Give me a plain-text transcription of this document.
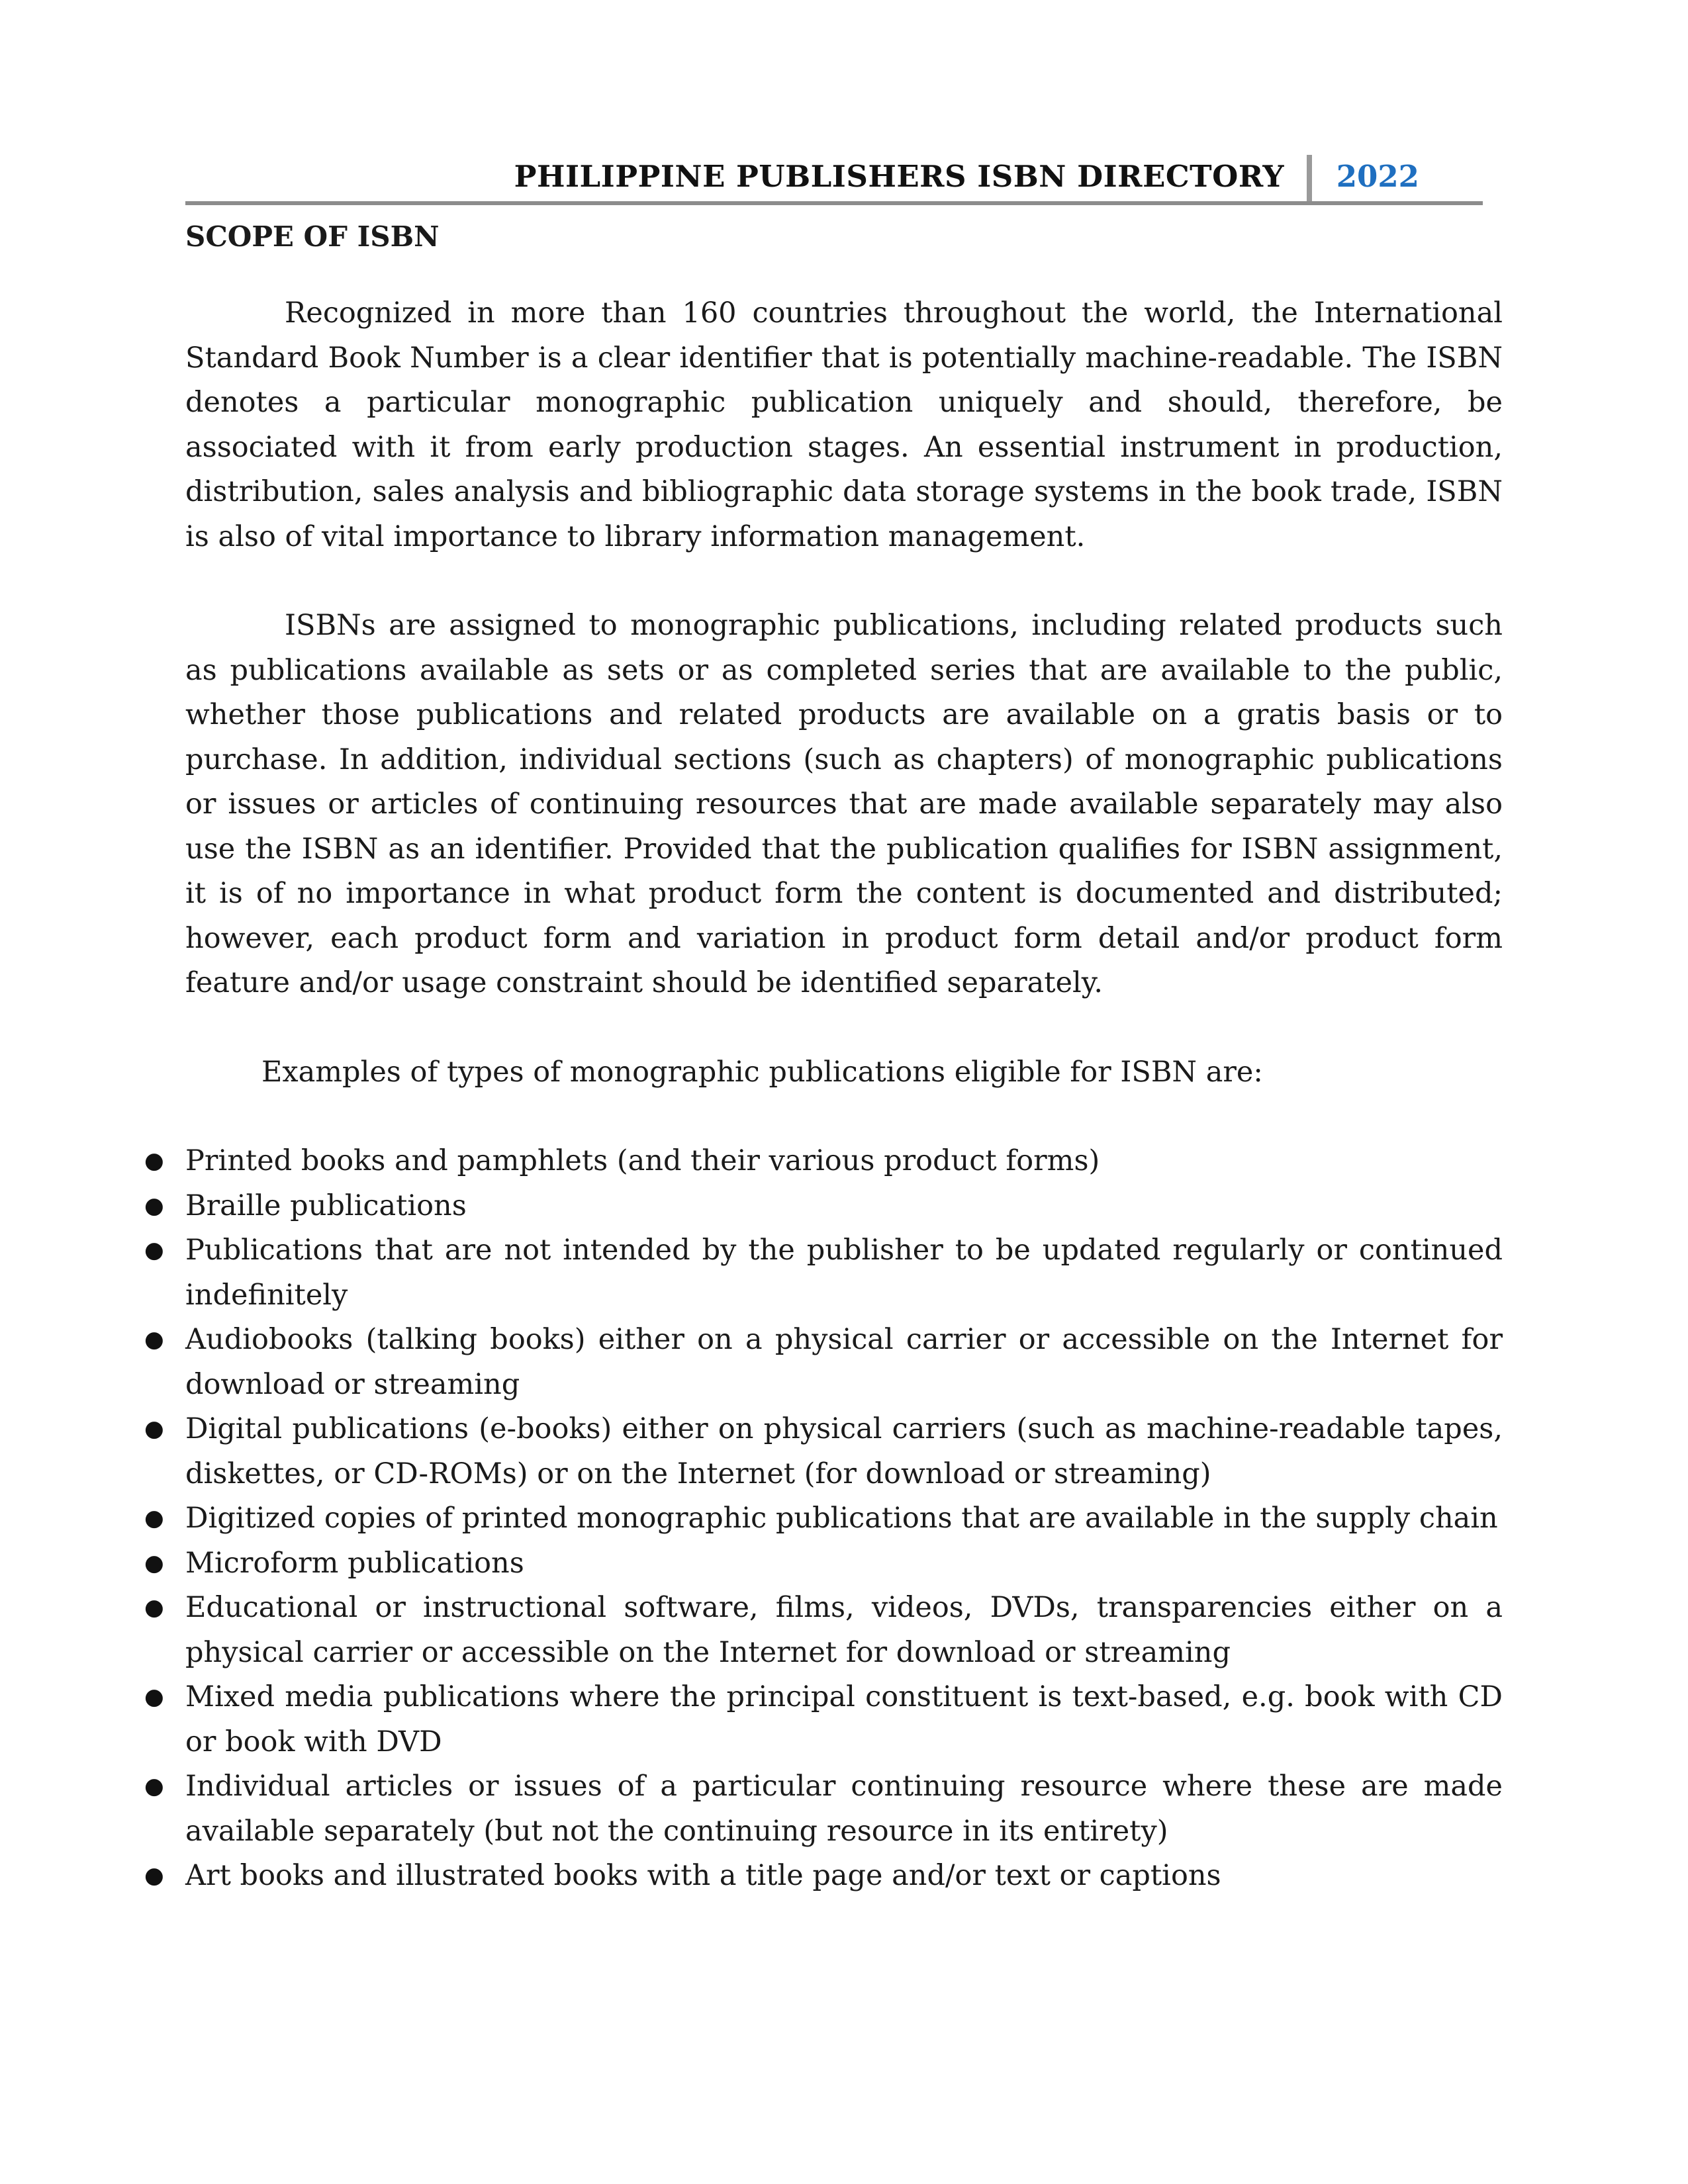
PHILIPPINE PUBLISHERS ISBN DIRECTORY 2022
SCOPE OF ISBN

Recognized in more than 160 countries throughout the world, the International Standard Book Number is a clear identifier that is potentially machine-readable. The ISBN denotes a particular monographic publication uniquely and should, therefore, be associated with it from early production stages. An essential instrument in production, distribution, sales analysis and bibliographic data storage systems in the book trade, ISBN is also of vital importance to library information management.

ISBNs are assigned to monographic publications, including related products such as publications available as sets or as completed series that are available to the public, whether those publications and related products are available on a gratis basis or to purchase. In addition, individual sections (such as chapters) of monographic publications or issues or articles of continuing resources that are made available separately may also use the ISBN as an identifier. Provided that the publication qualifies for ISBN assignment, it is of no importance in what product form the content is documented and distributed; however, each product form and variation in product form detail and/or product form feature and/or usage constraint should be identified separately.

Examples of types of monographic publications eligible for ISBN are:

● Printed books and pamphlets (and their various product forms)
● Braille publications
● Publications that are not intended by the publisher to be updated regularly or continued indefinitely
● Audiobooks (talking books) either on a physical carrier or accessible on the Internet for download or streaming
● Digital publications (e-books) either on physical carriers (such as machine-readable tapes, diskettes, or CD-ROMs) or on the Internet (for download or streaming)
● Digitized copies of printed monographic publications that are available in the supply chain
● Microform publications
● Educational or instructional software, films, videos, DVDs, transparencies either on a physical carrier or accessible on the Internet for download or streaming
● Mixed media publications where the principal constituent is text-based, e.g. book with CD or book with DVD
● Individual articles or issues of a particular continuing resource where these are made available separately (but not the continuing resource in its entirety)
● Art books and illustrated books with a title page and/or text or captions
